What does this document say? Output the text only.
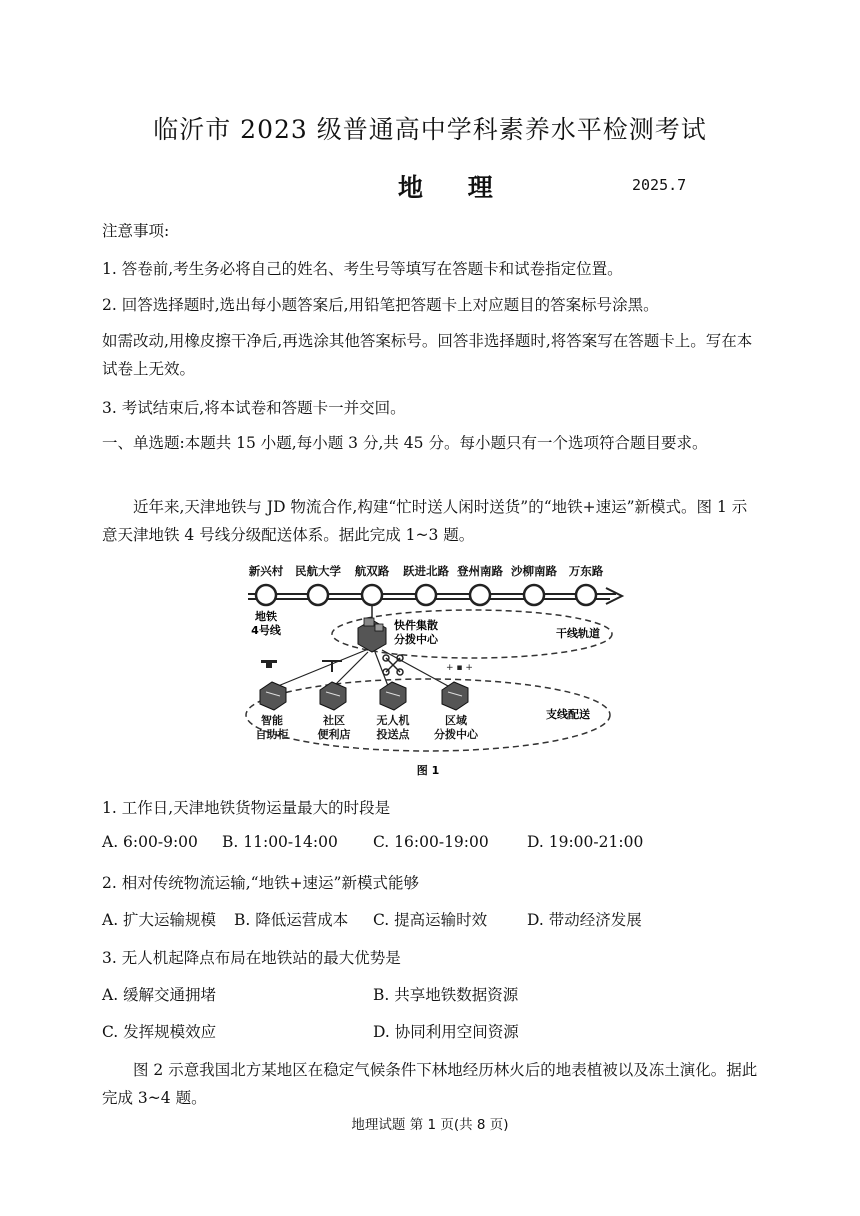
临沂市 2023 级普通高中学科素养水平检测考试
地 理	2025.7
注意事项:
1. 答卷前,考生务必将自己的姓名、考生号等填写在答题卡和试卷指定位置。
2. 回答选择题时,选出每小题答案后,用铅笔把答题卡上对应题目的答案标号涂黑。
如需改动,用橡皮擦干净后,再选涂其他答案标号。回答非选择题时,将答案写在答题卡上。写在本试卷上无效。
3. 考试结束后,将本试卷和答题卡一并交回。
一、单选题:本题共 15 小题,每小题 3 分,共 45 分。每小题只有一个选项符合题目要求。
近年来,天津地铁与 JD 物流合作,构建“忙时送人闲时送货”的“地铁+速运”新模式。图 1 示意天津地铁 4 号线分级配送体系。据此完成 1~3 题。
新兴村 民航大学 航双路 跃进北路 登州南路 沙柳南路 万东路
地铁
4号线	干线轨道
快件集散
分拨中心
+ ▪ +
支线配送
智能
自助柜
社区
便利店
无人机
投送点
区域
分拨中心
图 1
1. 工作日,天津地铁货物运量最大的时段是
A. 6:00-9:00 B. 11:00-14:00 C. 16:00-19:00 D. 19:00-21:00
2. 相对传统物流运输,“地铁+速运”新模式能够
A. 扩大运输规模 B. 降低运营成本 C. 提高运输时效	D. 带动经济发展
3. 无人机起降点布局在地铁站的最大优势是
A. 缓解交通拥堵	B. 共享地铁数据资源
C. 发挥规模效应	D. 协同利用空间资源
图 2 示意我国北方某地区在稳定气候条件下林地经历林火后的地表植被以及冻土演化。据此完成 3~4 题。
地理试题 第 1 页(共 8 页)
